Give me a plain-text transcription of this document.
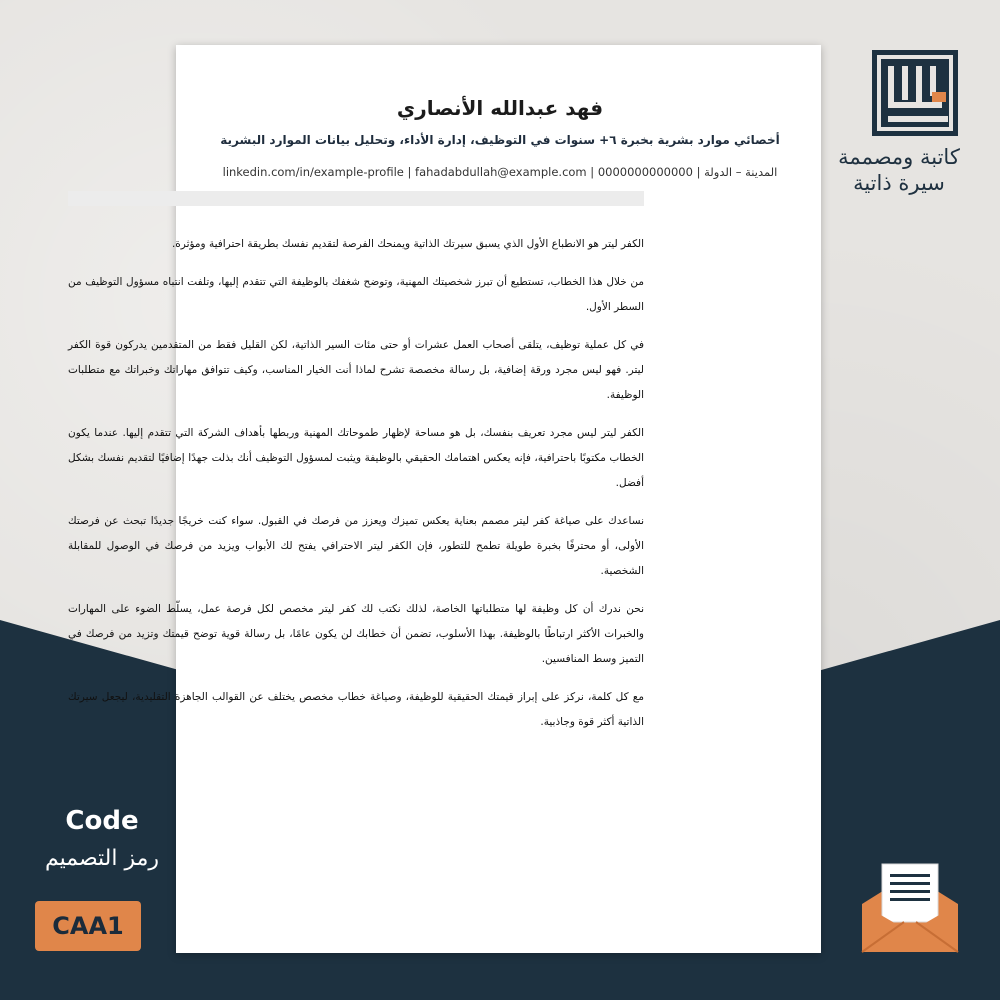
فهد عبدالله الأنصاري
أخصائي موارد بشرية بخبرة ٦+ سنوات في التوظيف، إدارة الأداء، وتحليل بيانات الموارد البشرية
المدينة – الدولة | linkedin.com/in/example-profile | fahadabdullah@example.com | 0000000000000

الكفر ليتر هو الانطباع الأول الذي يسبق سيرتك الذاتية ويمنحك الفرصة لتقديم نفسك بطريقة احترافية ومؤثرة.

من خلال هذا الخطاب، تستطيع أن تبرز شخصيتك المهنية، وتوضح شغفك بالوظيفة التي تتقدم إليها، وتلفت انتباه مسؤول التوظيف من السطر الأول.

في كل عملية توظيف، يتلقى أصحاب العمل عشرات أو حتى مئات السير الذاتية، لكن القليل فقط من المتقدمين يدركون قوة الكفر ليتر. فهو ليس مجرد ورقة إضافية، بل رسالة مخصصة تشرح لماذا أنت الخيار المناسب، وكيف تتوافق مهاراتك وخبراتك مع متطلبات الوظيفة.

الكفر ليتر ليس مجرد تعريف بنفسك، بل هو مساحة لإظهار طموحاتك المهنية وربطها بأهداف الشركة التي تتقدم إليها. عندما يكون الخطاب مكتوبًا باحترافية، فإنه يعكس اهتمامك الحقيقي بالوظيفة ويثبت لمسؤول التوظيف أنك بذلت جهدًا إضافيًا لتقديم نفسك بشكل أفضل.

نساعدك على صياغة كفر ليتر مصمم بعناية يعكس تميزك ويعزز من فرصك في القبول. سواء كنت خريجًا جديدًا تبحث عن فرصتك الأولى، أو محترفًا بخبرة طويلة تطمح للتطور، فإن الكفر ليتر الاحترافي يفتح لك الأبواب ويزيد من فرصك في الوصول للمقابلة الشخصية.

نحن ندرك أن كل وظيفة لها متطلباتها الخاصة، لذلك نكتب لك كفر ليتر مخصص لكل فرصة عمل، يسلّط الضوء على المهارات والخبرات الأكثر ارتباطًا بالوظيفة. بهذا الأسلوب، تضمن أن خطابك لن يكون عامًا، بل رسالة قوية توضح قيمتك وتزيد من فرصك في التميز وسط المنافسين.

مع كل كلمة، نركز على إبراز قيمتك الحقيقية للوظيفة، وصياغة خطاب مخصص يختلف عن القوالب الجاهزة التقليدية، ليجعل سيرتك الذاتية أكثر قوة وجاذبية.

كاتبة ومصممة
سيرة ذاتية
Code
رمز التصميم
CAA1
